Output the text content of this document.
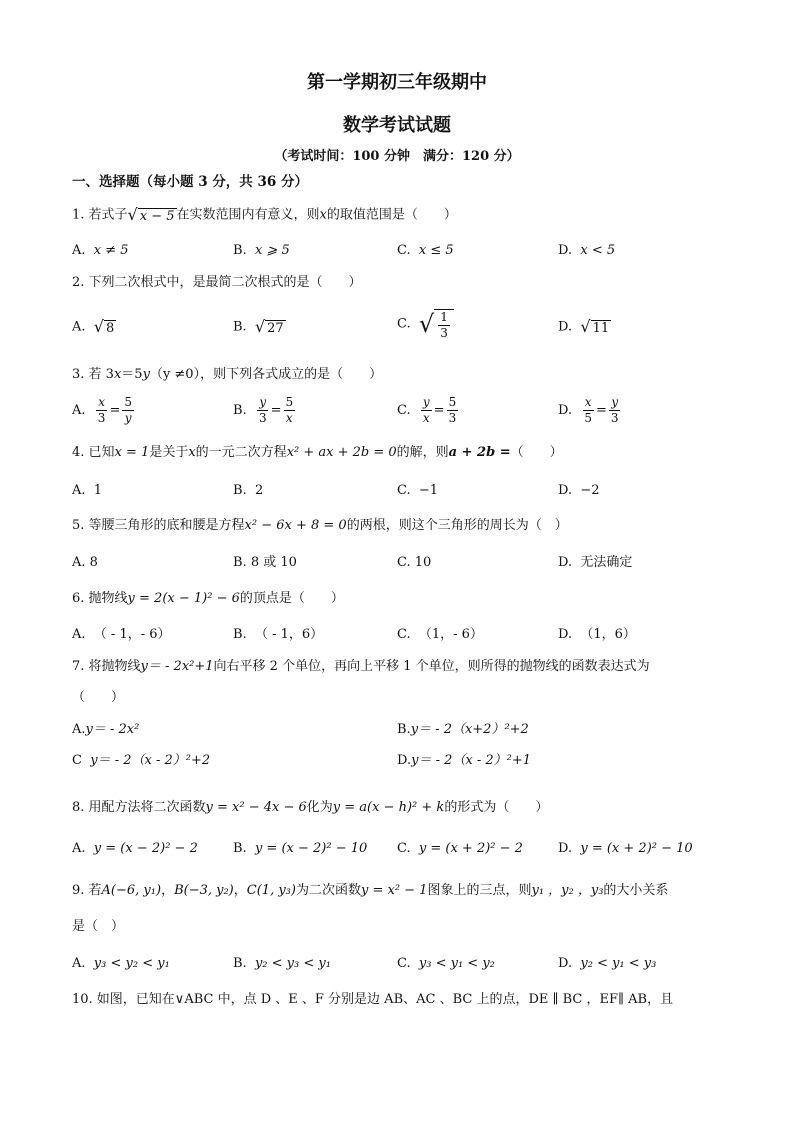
第一学期初三年级期中
数学考试试题
（考试时间：100 分钟　满分：120 分）
一、选择题（每小题 3 分，共 36 分）
1. 若式子 √ x − 5 在实数范围内有意义，则x的取值范围是（　　）
A. x ≠ 5	B. x ⩾ 5	C. x ≤ 5	D. x < 5
2. 下列二次根式中，是最简二次根式的是（　　）
A. √ 8	B. √ 27	C. √ $\frac{1}{3}$	D. √ 11
3. 若 3x＝5y（y ≠0），则下列各式成立的是（　　）
A. $\frac{x}{3} = \frac{5}{y}$	B. $\frac{y}{3} = \frac{5}{x}$	C. $\frac{y}{x} = \frac{5}{3}$	D. $\frac{x}{5} = \frac{y}{3}$
4. 已知x = 1是关于x的一元二次方程x² + ax + 2b = 0的解，则a + 2b =（　　）
A. 1	B. 2	C. −1	D. −2
5. 等腰三角形的底和腰是方程x² − 6x + 8 = 0的两根，则这个三角形的周长为（　）
A. 8	B. 8 或 10	C. 10	D. 无法确定
6. 抛物线y = 2(x − 1)² − 6的顶点是（　　）
A. （ - 1，- 6）	B. （ - 1，6）	C. （1，- 6）	D. （1，6）
7. 将抛物线y＝ - 2x²+1向右平移 2 个单位，再向上平移 1 个单位，则所得的抛物线的函数表达式为
（　　）
A.y＝ - 2x²	B.y＝ - 2（x+2）²+2
C y＝ - 2（x - 2）²+2	D.y＝ - 2（x - 2）²+1
8. 用配方法将二次函数y = x² − 4x − 6化为y = a(x − h)² + k的形式为（　　）
A. y = (x − 2)² − 2	B. y = (x − 2)² − 10 C. y = (x + 2)² − 2	D. y = (x + 2)² − 10
9. 若A(−6, y₁)，B(−3, y₂)，C(1, y₃)为二次函数y = x² − 1图象上的三点，则y₁ ，y₂ ，y₃的大小关系
是（　）
A. y₃ < y₂ < y₁	B. y₂ < y₃ < y₁	C. y₃ < y₁ < y₂	D. y₂ < y₁ < y₃
10. 如图，已知在∨ABC 中，点 D 、E 、F 分别是边 AB、AC 、BC 上的点，DE ∥ BC ，EF∥ AB，且
